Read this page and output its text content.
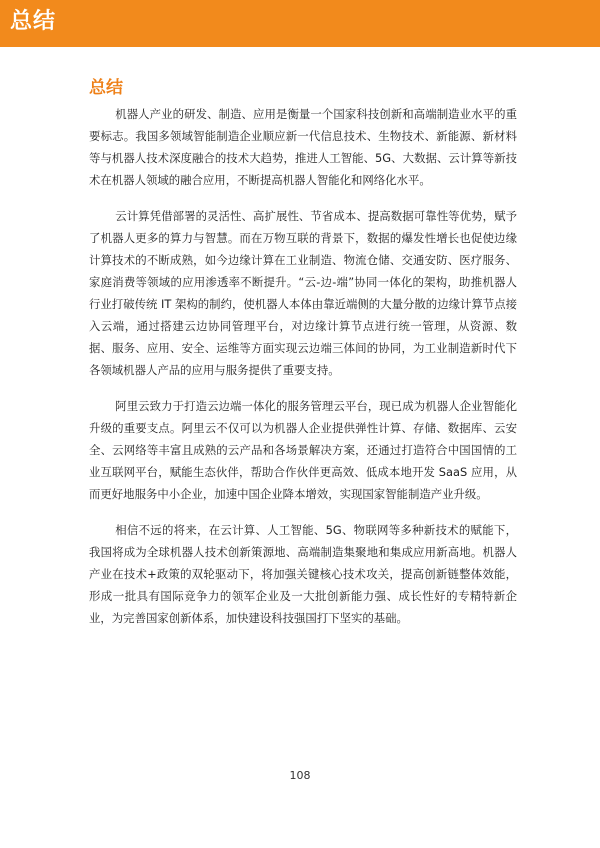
总结
总结

机器人产业的研发、制造、应用是衡量一个国家科技创新和高端制造业水平的重要标志。我国多领域智能制造企业顺应新一代信息技术、生物技术、新能源、新材料等与机器人技术深度融合的技术大趋势，推进人工智能、5G、大数据、云计算等新技术在机器人领域的融合应用，不断提高机器人智能化和网络化水平。

云计算凭借部署的灵活性、高扩展性、节省成本、提高数据可靠性等优势，赋予了机器人更多的算力与智慧。而在万物互联的背景下，数据的爆发性增长也促使边缘计算技术的不断成熟，如今边缘计算在工业制造、物流仓储、交通安防、医疗服务、家庭消费等领域的应用渗透率不断提升。“云-边-端”协同一体化的架构，助推机器人行业打破传统 IT 架构的制约，使机器人本体由靠近端侧的大量分散的边缘计算节点接入云端，通过搭建云边协同管理平台，对边缘计算节点进行统一管理，从资源、数据、服务、应用、安全、运维等方面实现云边端三体间的协同，为工业制造新时代下各领域机器人产品的应用与服务提供了重要支持。

阿里云致力于打造云边端一体化的服务管理云平台，现已成为机器人企业智能化升级的重要支点。阿里云不仅可以为机器人企业提供弹性计算、存储、数据库、云安全、云网络等丰富且成熟的云产品和各场景解决方案，还通过打造符合中国国情的工业互联网平台，赋能生态伙伴，帮助合作伙伴更高效、低成本地开发 SaaS 应用，从而更好地服务中小企业，加速中国企业降本增效，实现国家智能制造产业升级。

相信不远的将来，在云计算、人工智能、5G、物联网等多种新技术的赋能下，我国将成为全球机器人技术创新策源地、高端制造集聚地和集成应用新高地。机器人产业在技术+政策的双轮驱动下，将加强关键核心技术攻关，提高创新链整体效能，形成一批具有国际竞争力的领军企业及一大批创新能力强、成长性好的专精特新企业，为完善国家创新体系，加快建设科技强国打下坚实的基础。

108
